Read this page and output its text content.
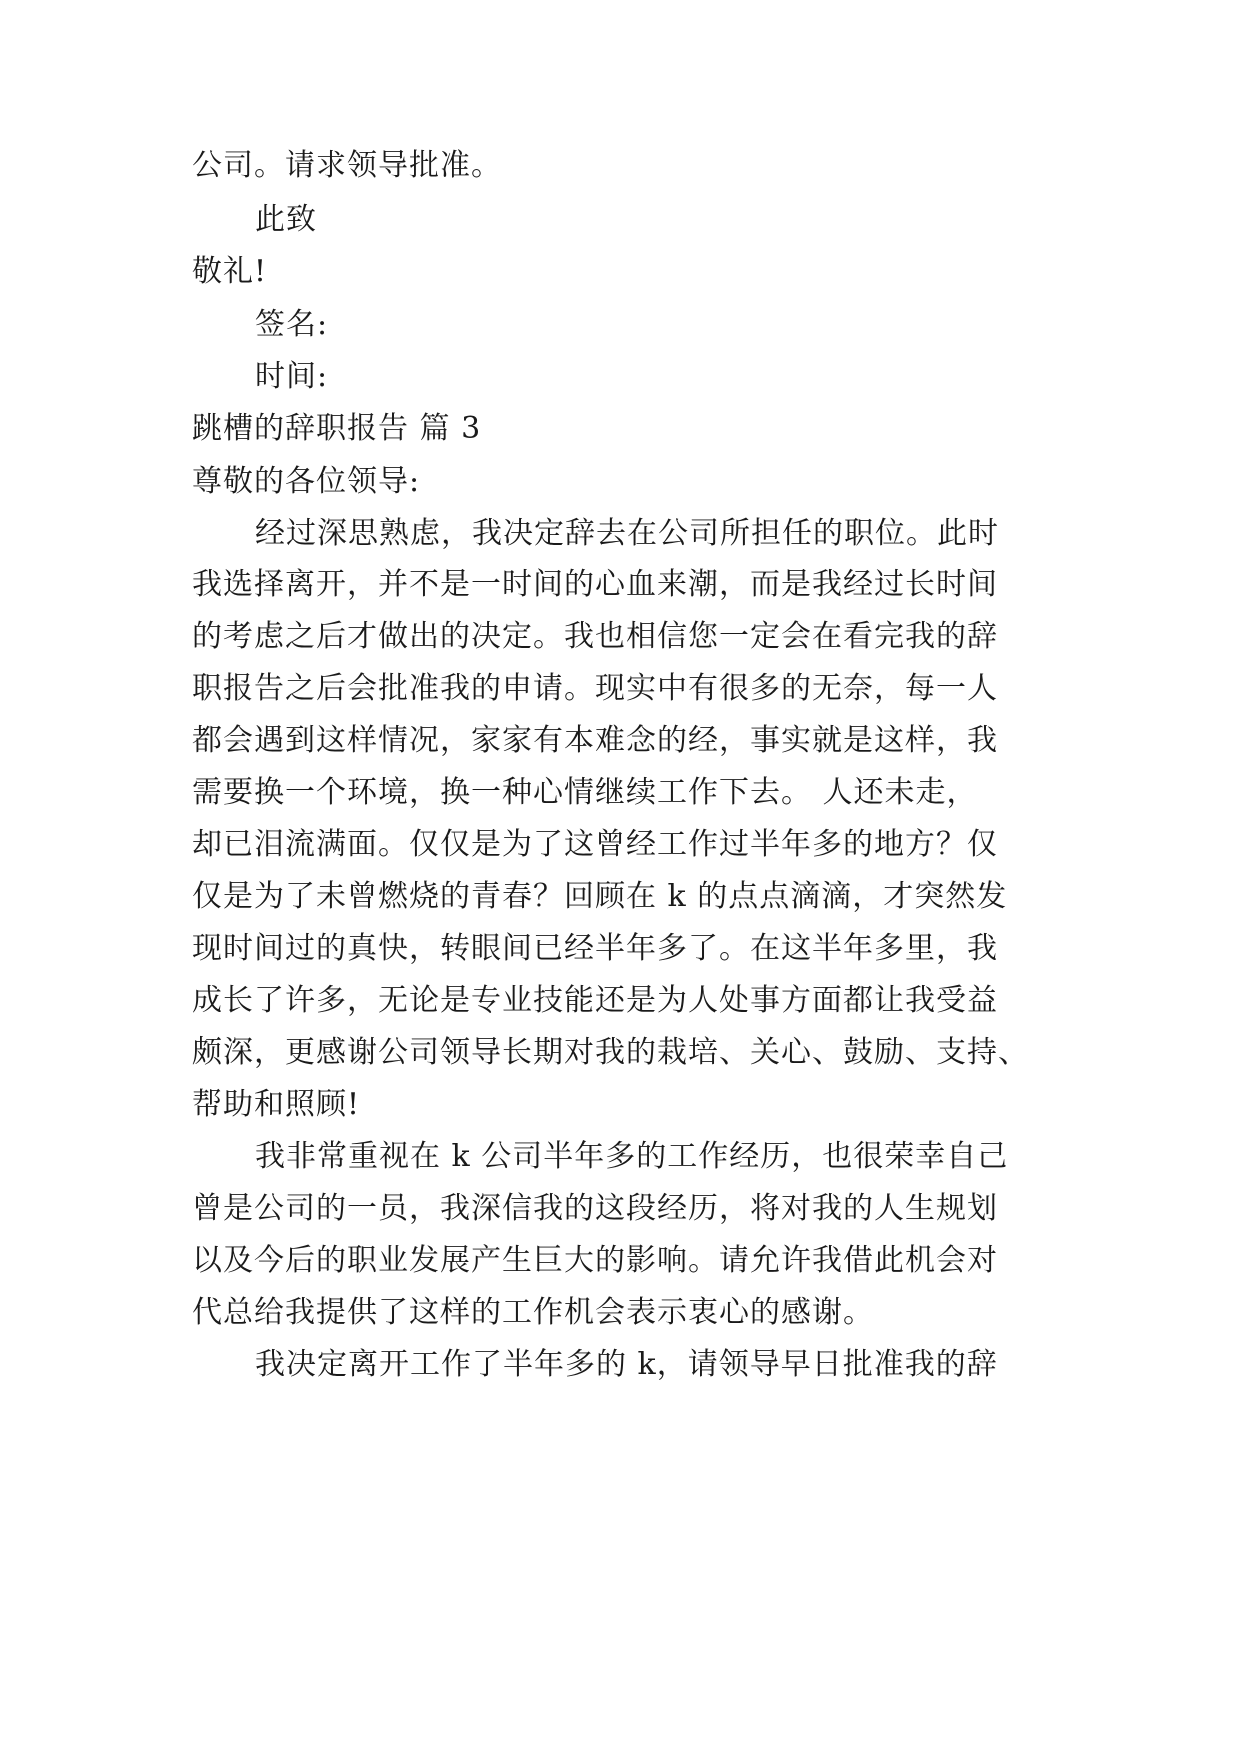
公司。请求领导批准。
此致
敬礼!
签名:
时间:
跳槽的辞职报告 篇 3
尊敬的各位领导:
经过深思熟虑，我决定辞去在公司所担任的职位。此时
我选择离开，并不是一时间的心血来潮，而是我经过长时间
的考虑之后才做出的决定。我也相信您一定会在看完我的辞
职报告之后会批准我的申请。现实中有很多的无奈，每一人
都会遇到这样情况，家家有本难念的经，事实就是这样，我
需要换一个环境，换一种心情继续工作下去。 人还未走，
却已泪流满面。仅仅是为了这曾经工作过半年多的地方？仅
仅是为了未曾燃烧的青春？回顾在 k 的点点滴滴，才突然发
现时间过的真快，转眼间已经半年多了。在这半年多里，我
成长了许多，无论是专业技能还是为人处事方面都让我受益
颇深，更感谢公司领导长期对我的栽培、关心、鼓励、支持、
帮助和照顾!
我非常重视在 k 公司半年多的工作经历，也很荣幸自己
曾是公司的一员，我深信我的这段经历，将对我的人生规划
以及今后的职业发展产生巨大的影响。请允许我借此机会对
代总给我提供了这样的工作机会表示衷心的感谢。
我决定离开工作了半年多的 k，请领导早日批准我的辞
